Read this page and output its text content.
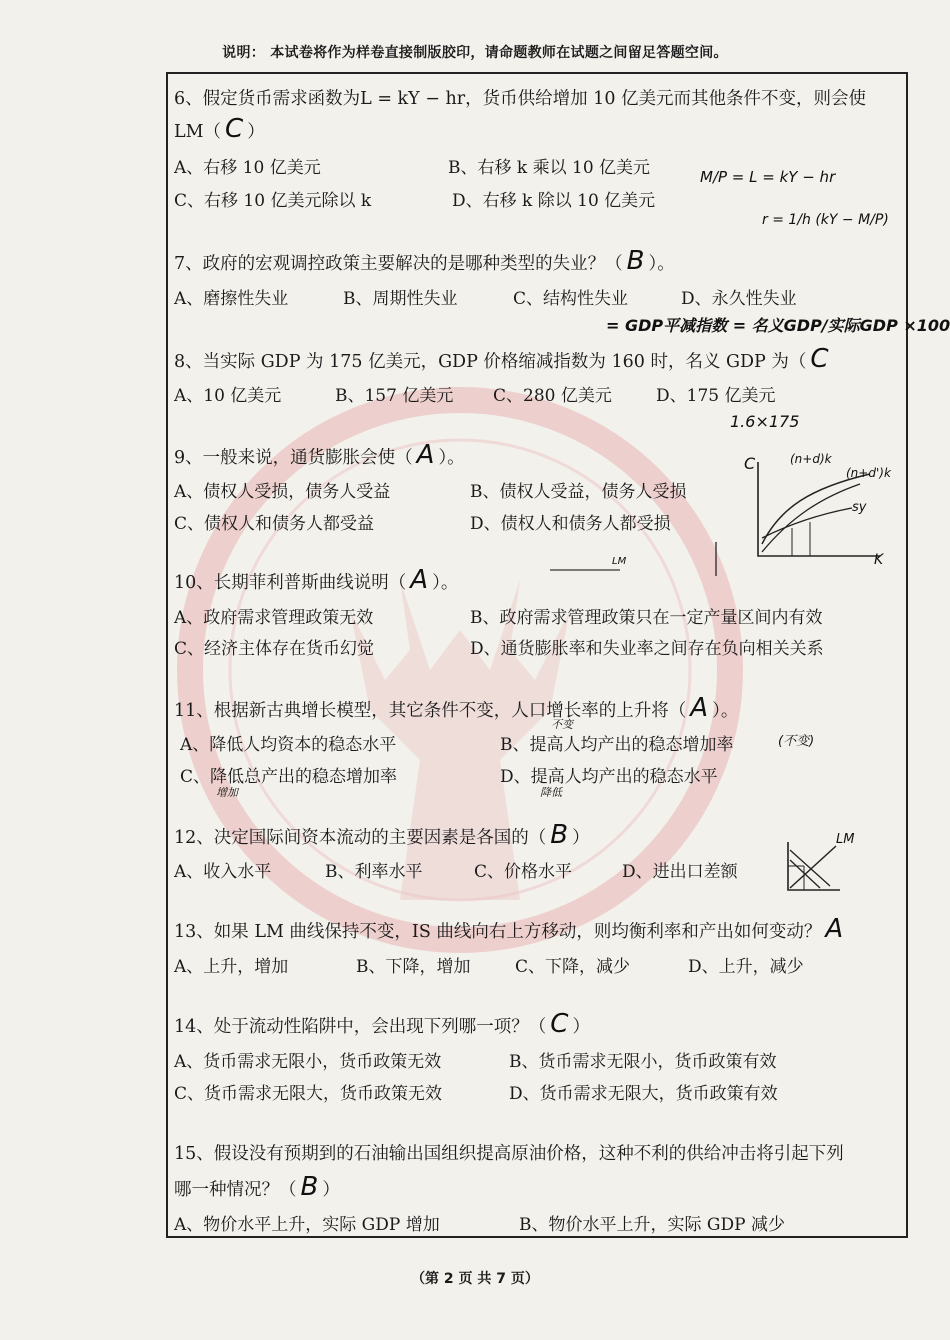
说明： 本试卷将作为样卷直接制版胶印，请命题教师在试题之间留足答题空间。
6、假定货币需求函数为L = kY − hr，货币供给增加 10 亿美元而其他条件不变，则会使
LM（ C ）
A、右移 10 亿美元	B、右移 k 乘以 10 亿美元
C、右移 10 亿美元除以 k	D、右移 k 除以 10 亿美元
M/P = L = kY − hr
r = 1/h (kY − M/P)
7、政府的宏观调控政策主要解决的是哪种类型的失业？（ B ）。
A、磨擦性失业	B、周期性失业	C、结构性失业	D、永久性失业
= GDP平减指数 = 名义GDP/实际GDP ×100
8、当实际 GDP 为 175 亿美元，GDP 价格缩减指数为 160 时，名义 GDP 为（ C
A、10 亿美元	B、157 亿美元 C、280 亿美元	D、175 亿美元
1.6×175
9、一般来说，通货膨胀会使（ A ）。
A、债权人受损，债务人受益	B、债权人受益，债务人受损
C、债权人和债务人都受益	D、债权人和债务人都受损
C
K
(n+d)k
(n+d')k
sy
10、长期菲利普斯曲线说明（ A ）。
LM
A、政府需求管理政策无效	B、政府需求管理政策只在一定产量区间内有效
C、经济主体存在货币幻觉	D、通货膨胀率和失业率之间存在负向相关关系
11、根据新古典增长模型，其它条件不变，人口增长率的上升将（ A ）。
不变
A、降低人均资本的稳态水平	B、提高人均产出的稳态增加率	(不变)
C、降低总产出的稳态增加率	D、提高人均产出的稳态水平
增加	降低
12、决定国际间资本流动的主要因素是各国的（ B ）
A、收入水平	B、利率水平	C、价格水平	D、进出口差额
LM
13、如果 LM 曲线保持不变，IS 曲线向右上方移动，则均衡利率和产出如何变动？ A
A、上升，增加	B、下降，增加	C、下降，减少	D、上升，减少
14、处于流动性陷阱中，会出现下列哪一项？（ C ）
A、货币需求无限小，货币政策无效	B、货币需求无限小，货币政策有效
C、货币需求无限大，货币政策无效	D、货币需求无限大，货币政策有效
15、假设没有预期到的石油输出国组织提高原油价格，这种不利的供给冲击将引起下列
哪一种情况？（ B ）
A、物价水平上升，实际 GDP 增加	B、物价水平上升，实际 GDP 减少
（第 2 页 共 7 页）
